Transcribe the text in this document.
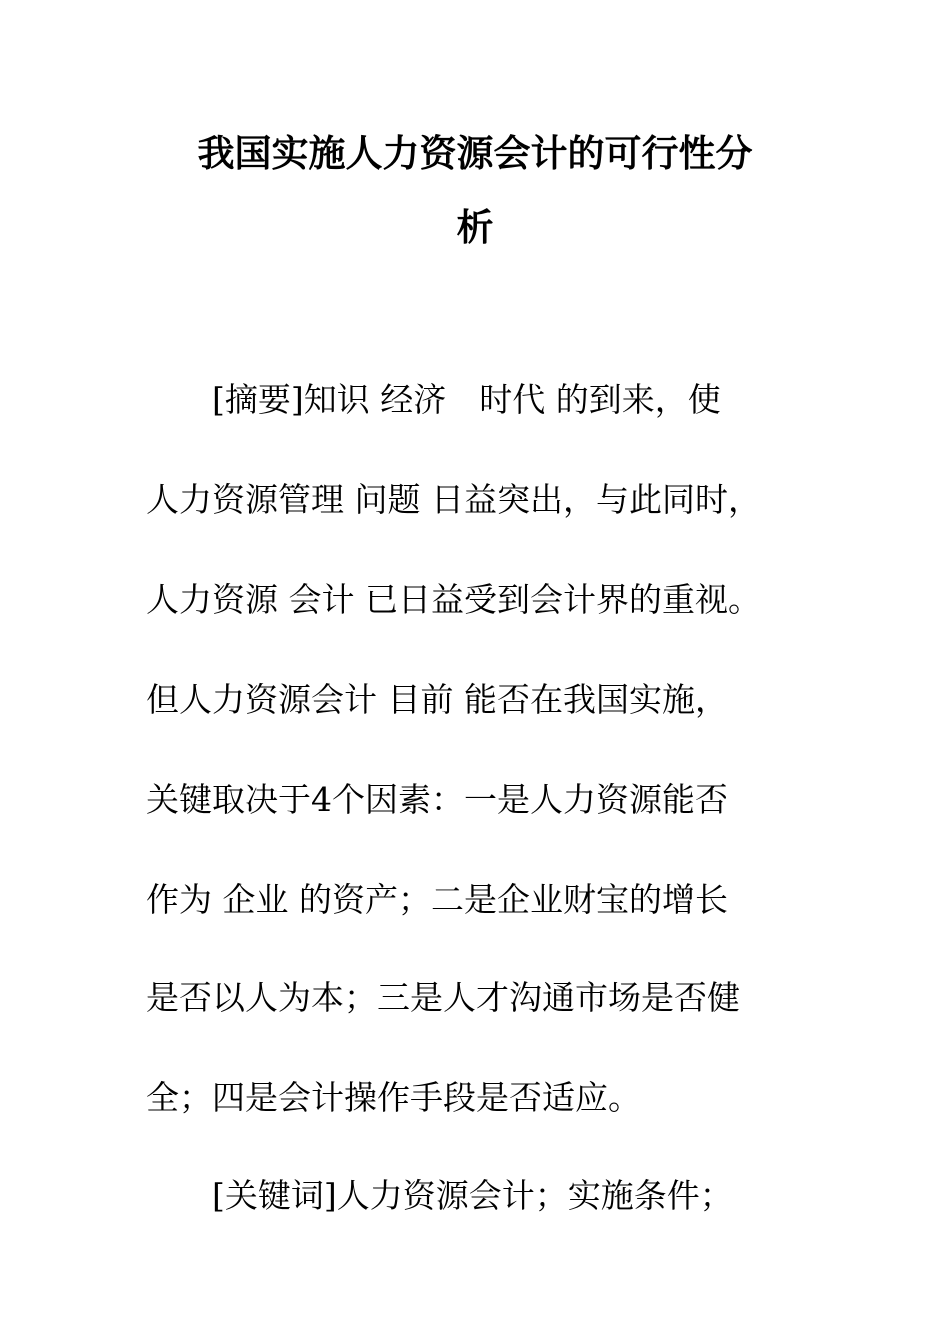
我国实施人力资源会计的可行性分
析

　　[摘要]知识 经济　时代 的到来，使

人力资源管理 问题 日益突出，与此同时，

人力资源 会计 已日益受到会计界的重视。

但人力资源会计 目前 能否在我国实施，

关键取决于4个因素：一是人力资源能否

作为 企业 的资产；二是企业财宝的增长

是否以人为本；三是人才沟通市场是否健

全；四是会计操作手段是否适应。

　　[关键词]人力资源会计；实施条件；
